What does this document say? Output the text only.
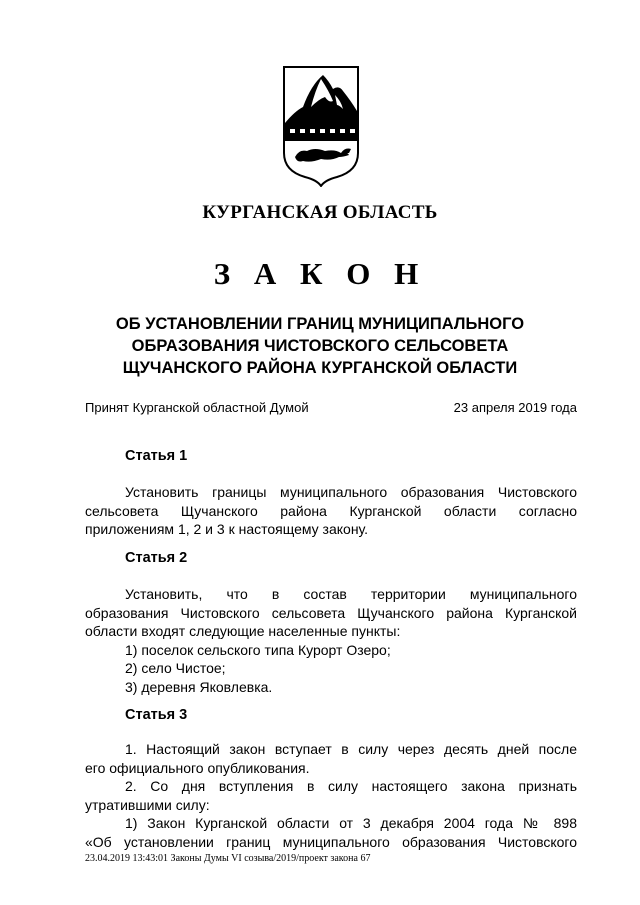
КУРГАНСКАЯ ОБЛАСТЬ
З А К О Н
ОБ УСТАНОВЛЕНИИ ГРАНИЦ МУНИЦИПАЛЬНОГО
ОБРАЗОВАНИЯ ЧИСТОВСКОГО СЕЛЬСОВЕТА
ЩУЧАНСКОГО РАЙОНА КУРГАНСКОЙ ОБЛАСТИ
Принят Курганской областной Думой	23 апреля 2019 года
Статья 1
Установить границы муниципального образования Чистовского
сельсовета Щучанского района Курганской области согласно
приложениям 1, 2 и 3 к настоящему закону.
Статья 2
Установить, что в состав территории муниципального
образования Чистовского сельсовета Щучанского района Курганской
области входят следующие населенные пункты:
1) поселок сельского типа Курорт Озеро;
2) село Чистое;
3) деревня Яковлевка.
Статья 3
1. Настоящий закон вступает в силу через десять дней после
его официального опубликования.
2. Со дня вступления в силу настоящего закона признать
утратившими силу:
1) Закон Курганской области от 3 декабря 2004 года № 898
«Об установлении границ муниципального образования Чистовского
23.04.2019 13:43:01 Законы Думы VI созыва/2019/проект закона 67
